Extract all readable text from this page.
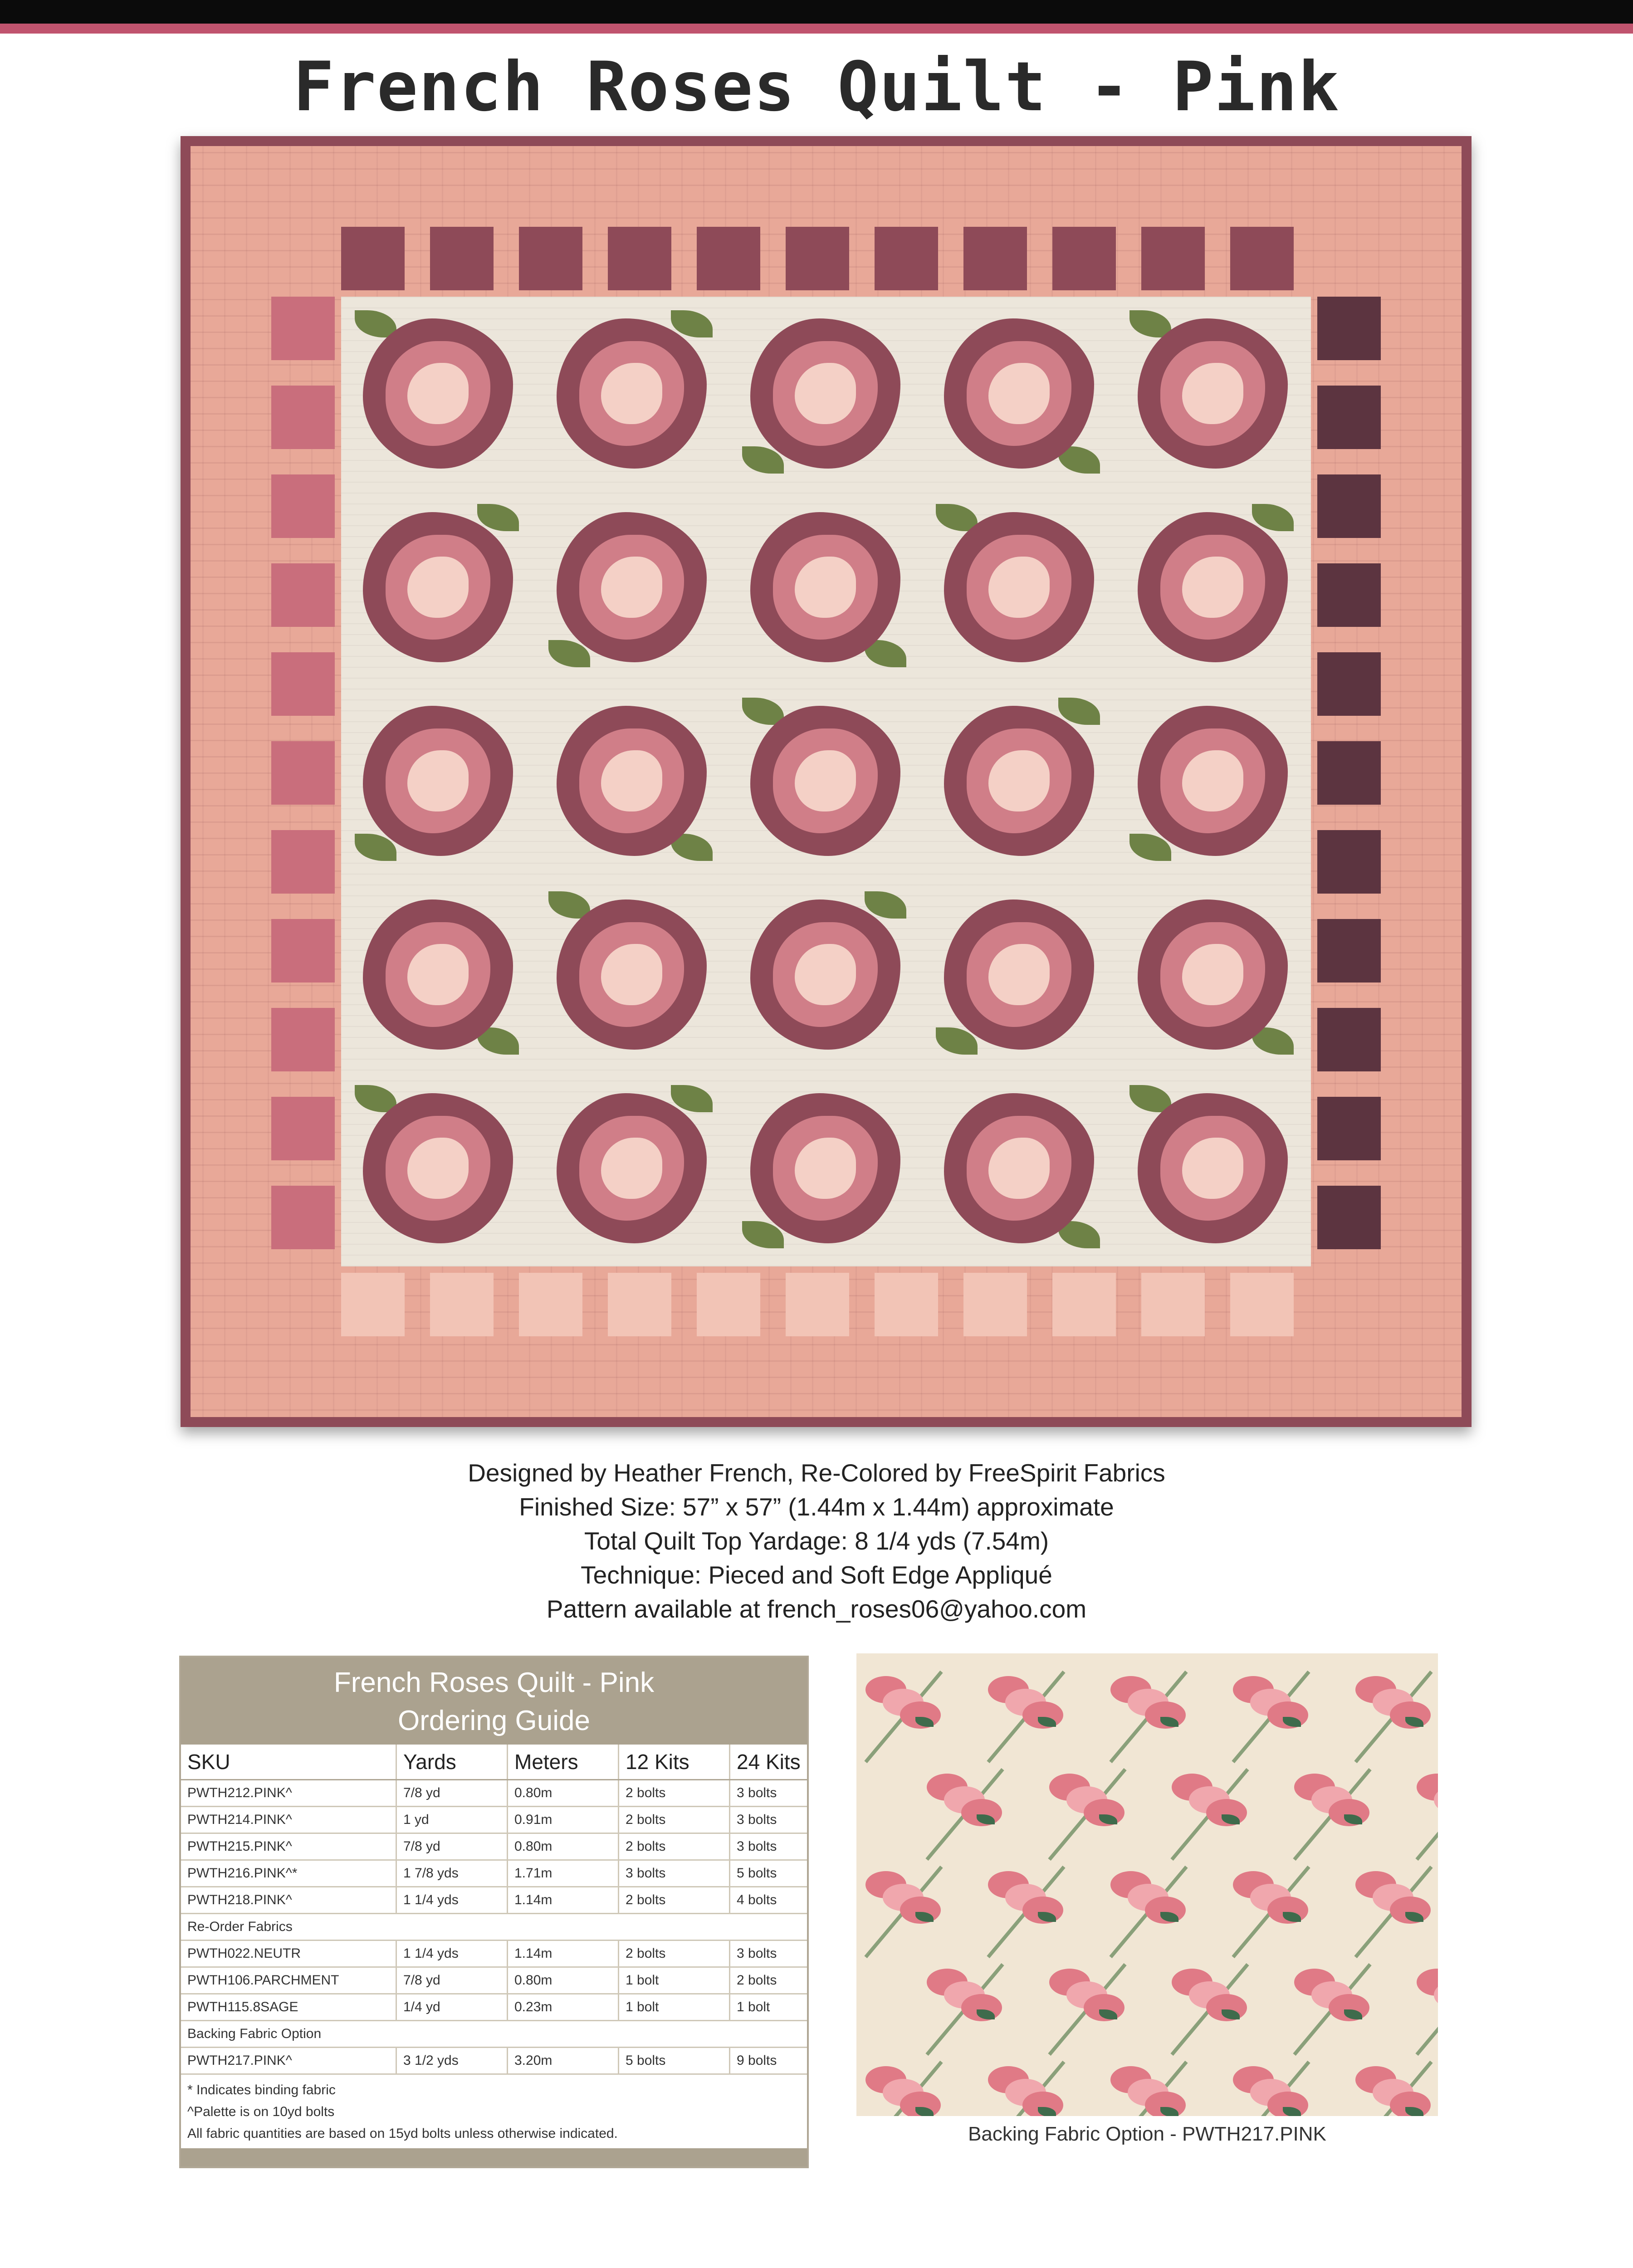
French Roses Quilt - Pink
Designed by Heather French, Re-Colored by FreeSpirit Fabrics
Finished Size: 57” x 57” (1.44m x 1.44m) approximate
Total Quilt Top Yardage: 8 1/4 yds (7.54m)
Technique: Pieced and Soft Edge Appliqué
Pattern available at french_roses06@yahoo.com
French Roses Quilt - Pink
Ordering Guide
SKU	Yards	Meters	12 Kits	24 Kits
PWTH212.PINK^	7/8 yd	0.80m	2 bolts	3 bolts
PWTH214.PINK^	1 yd	0.91m	2 bolts	3 bolts
PWTH215.PINK^	7/8 yd	0.80m	2 bolts	3 bolts
PWTH216.PINK^*	1 7/8 yds	1.71m	3 bolts	5 bolts
PWTH218.PINK^	1 1/4 yds	1.14m	2 bolts	4 bolts
Re-Order Fabrics				
PWTH022.NEUTR	1 1/4 yds	1.14m	2 bolts	3 bolts
PWTH106.PARCHMENT	7/8 yd	0.80m	1 bolt	2 bolts
PWTH115.8SAGE	1/4 yd	0.23m	1 bolt	1 bolt
Backing Fabric Option				
PWTH217.PINK^	3 1/2 yds	3.20m	5 bolts	9 bolts
* Indicates binding fabric
^Palette is on 10yd bolts
All fabric quantities are based on 15yd bolts unless otherwise indicated.	Backing Fabric Option - PWTH217.PINK
